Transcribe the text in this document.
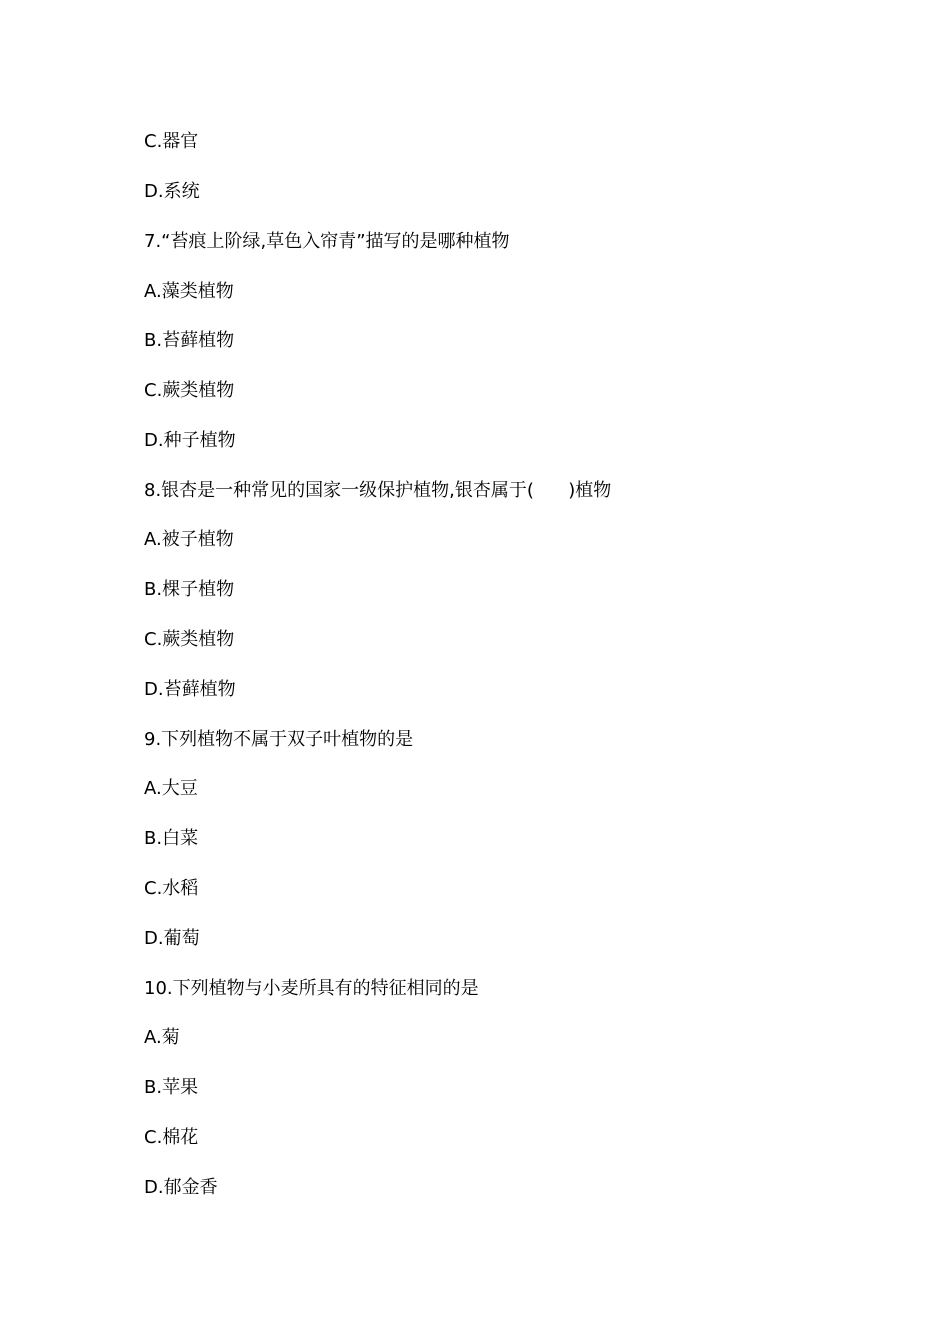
C.器官
D.系统
7.“苔痕上阶绿,草色入帘青”描写的是哪种植物
A.藻类植物
B.苔藓植物
C.蕨类植物
D.种子植物
8.银杏是一种常见的国家一级保护植物,银杏属于(      )植物
A.被子植物
B.棵子植物
C.蕨类植物
D.苔藓植物
9.下列植物不属于双子叶植物的是
A.大豆
B.白菜
C.水稻
D.葡萄
10.下列植物与小麦所具有的特征相同的是
A.菊
B.苹果
C.棉花
D.郁金香
